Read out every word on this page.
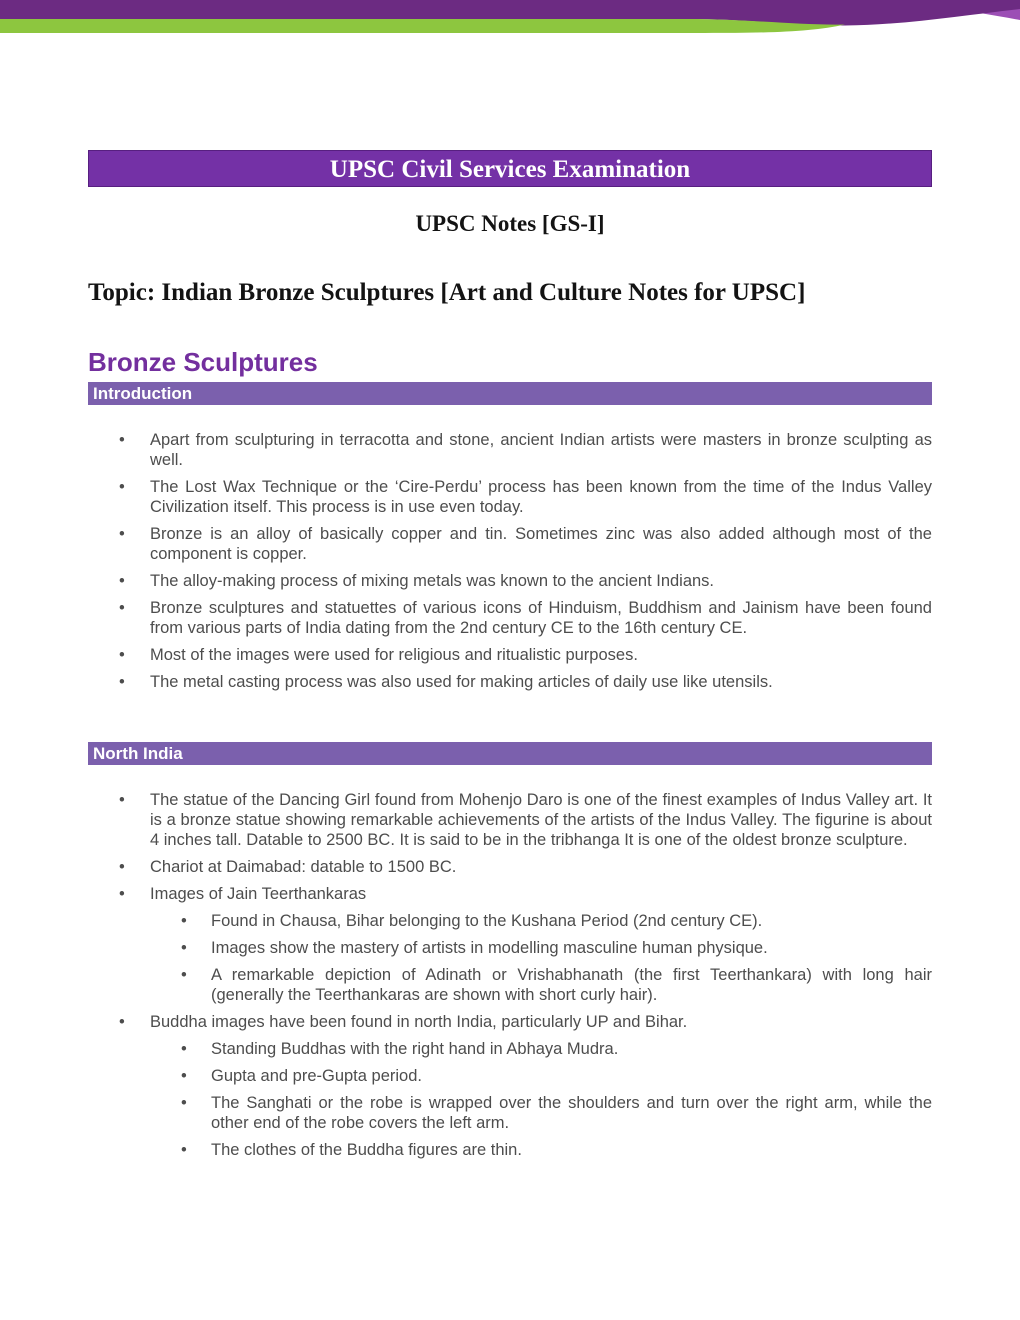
UPSC Civil Services Examination
UPSC Notes [GS-I]
Topic: Indian Bronze Sculptures [Art and Culture Notes for UPSC]
Bronze Sculptures
Introduction
•	Apart from sculpturing in terracotta and stone, ancient Indian artists were masters in bronze sculpting as well.
•	The Lost Wax Technique or the ‘Cire-Perdu’ process has been known from the time of the Indus Valley Civilization itself. This process is in use even today.
•	Bronze is an alloy of basically copper and tin. Sometimes zinc was also added although most of the component is copper.
•	The alloy-making process of mixing metals was known to the ancient Indians.
•	Bronze sculptures and statuettes of various icons of Hinduism, Buddhism and Jainism have been found from various parts of India dating from the 2nd century CE to the 16th century CE.
•	Most of the images were used for religious and ritualistic purposes.
•	The metal casting process was also used for making articles of daily use like utensils.
North India
•	The statue of the Dancing Girl found from Mohenjo Daro is one of the finest examples of Indus Valley art. It is a bronze statue showing remarkable achievements of the artists of the Indus Valley. The figurine is about 4 inches tall. Datable to 2500 BC. It is said to be in the tribhanga It is one of the oldest bronze sculpture.
•	Chariot at Daimabad: datable to 1500 BC.
•	Images of Jain Teerthankaras
•	Found in Chausa, Bihar belonging to the Kushana Period (2nd century CE).
•	Images show the mastery of artists in modelling masculine human physique.
•	A remarkable depiction of Adinath or Vrishabhanath (the first Teerthankara) with long hair (generally the Teerthankaras are shown with short curly hair).
•	Buddha images have been found in north India, particularly UP and Bihar.
•	Standing Buddhas with the right hand in Abhaya Mudra.
•	Gupta and pre-Gupta period.
•	The Sanghati or the robe is wrapped over the shoulders and turn over the right arm, while the other end of the robe covers the left arm.
•	The clothes of the Buddha figures are thin.
